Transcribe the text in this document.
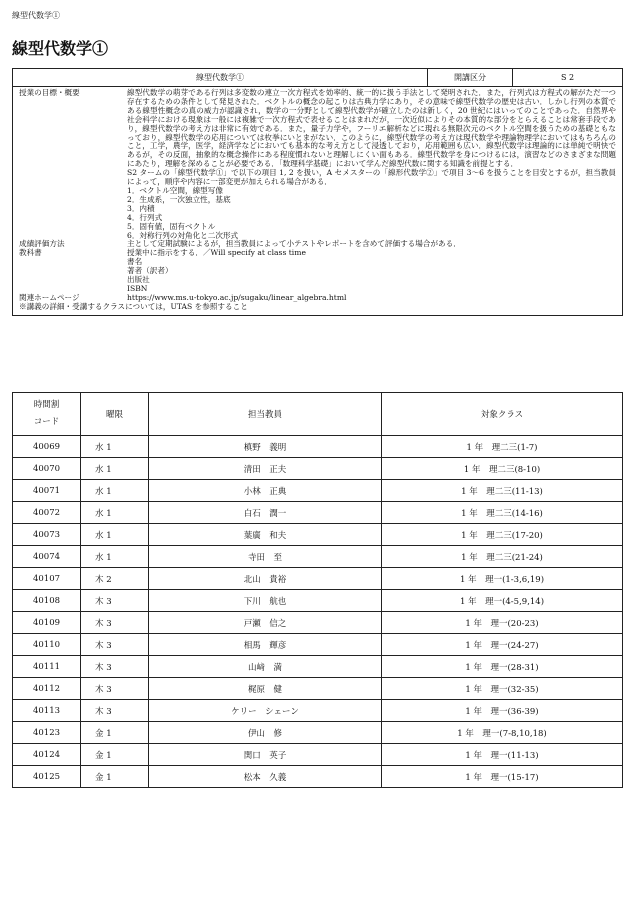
線型代数学①
線型代数学①
線型代数学①	開講区分	S 2

授業の目標・概要	線型代数学の萌芽である行列は多変数の連立一次方程式を効率的、統一的に扱う手法として発明された．また，行列式は方程式の解がただ一つ存在するための条件として発見された．ベクトルの概念の起こりは古典力学にあり，その意味で線型代数学の歴史は古い．しかし行列の本質である線型性概念の真の威力が認識され，数学の一分野として線型代数学が確立したのは新しく，20 世紀にはいってのことであった．自然界や社会科学における現象は一般には複雑で一次方程式で表せることはまれだが，一次近似によりその本質的な部分をとらえることは常套手段であり，線型代数学の考え方は非常に有効である．また，量子力学や，フーリエ解析などに現れる無限次元のベクトル空間を扱うための基礎ともなっており，線型代数学の応用については枚挙にいとまがない．このように，線型代数学の考え方は現代数学や理論物理学においてはもちろんのこと，工学，農学，医学，経済学などにおいても基本的な考え方として浸透しており，応用範囲も広い．線型代数学は理論的には単純で明快であるが，その反面，抽象的な概念操作にある程度慣れないと理解しにくい面もある．線型代数学を身につけるには，演習などのさまざまな問題にあたり，理解を深めることが必要である．「数理科学基礎」において学んだ線型代数に関する知識を前提とする．
S2 タームの「線型代数学①」で以下の項目 1, 2 を扱い，A セメスターの「線形代数学②」で項目 3〜6 を扱うことを目安とするが，担当教員によって，順序や内容に一部変更が加えられる場合がある．
1．ベクトル空間，線型写像
2．生成系，一次独立性，基底
3．内積
4．行列式
5．固有値，固有ベクトル
6．対称行列の対角化と二次形式
成績評価方法	主として定期試験によるが，担当教員によって小テストやレポートを含めて評価する場合がある．
教科書	授業中に指示をする．／Will specify at class time
書名
著者（訳者）
出版社
ISBN
関連ホームページ	https://www.ms.u-tokyo.ac.jp/sugaku/linear_algebra.html
※講義の詳細・受講するクラスについては，UTAS を参照すること
時間割
コード	曜限	担当教員	対象クラス
40069	水 1	槙野　義明	1 年　理二三(1-7)
40070	水 1	清田　正夫	1 年　理二三(8-10)
40071	水 1	小林　正典	1 年　理二三(11-13)
40072	水 1	白石　潤一	1 年　理二三(14-16)
40073	水 1	葉廣　和夫	1 年　理二三(17-20)
40074	水 1	寺田　至	1 年　理二三(21-24)
40107	木 2	北山　貴裕	1 年　理一(1-3,6,19)
40108	木 3	下川　航也	1 年　理一(4-5,9,14)
40109	木 3	戸瀬　信之	1 年　理一(20-23)
40110	木 3	相馬　輝彦	1 年　理一(24-27)
40111	木 3	山﨑　満	1 年　理一(28-31)
40112	木 3	梶原　健	1 年　理一(32-35)
40113	木 3	ケリー　シェーン	1 年　理一(36-39)
40123	金 1	伊山　修	1 年　理一(7-8,10,18)
40124	金 1	関口　英子	1 年　理一(11-13)
40125	金 1	松本　久義	1 年　理一(15-17)
